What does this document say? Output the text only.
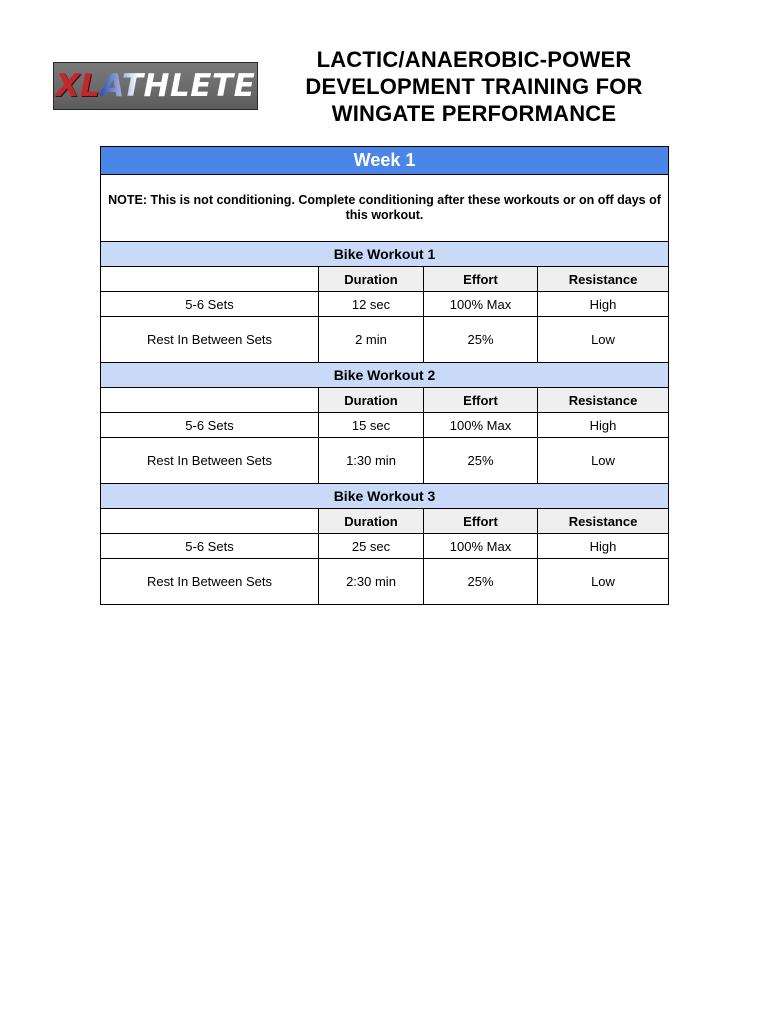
XLATHLETE
LACTIC/ANAEROBIC-POWER
DEVELOPMENT TRAINING FOR
WINGATE PERFORMANCE
Week 1			
NOTE: This is not conditioning. Complete conditioning after these workouts or on off days of this workout.			
Bike Workout 1			
	Duration	Effort	Resistance
5-6 Sets	12 sec	100% Max	High
Rest In Between Sets	2 min	25%	Low
Bike Workout 2			
	Duration	Effort	Resistance
5-6 Sets	15 sec	100% Max	High
Rest In Between Sets	1:30 min	25%	Low
Bike Workout 3			
	Duration	Effort	Resistance
5-6 Sets	25 sec	100% Max	High
Rest In Between Sets	2:30 min	25%	Low
